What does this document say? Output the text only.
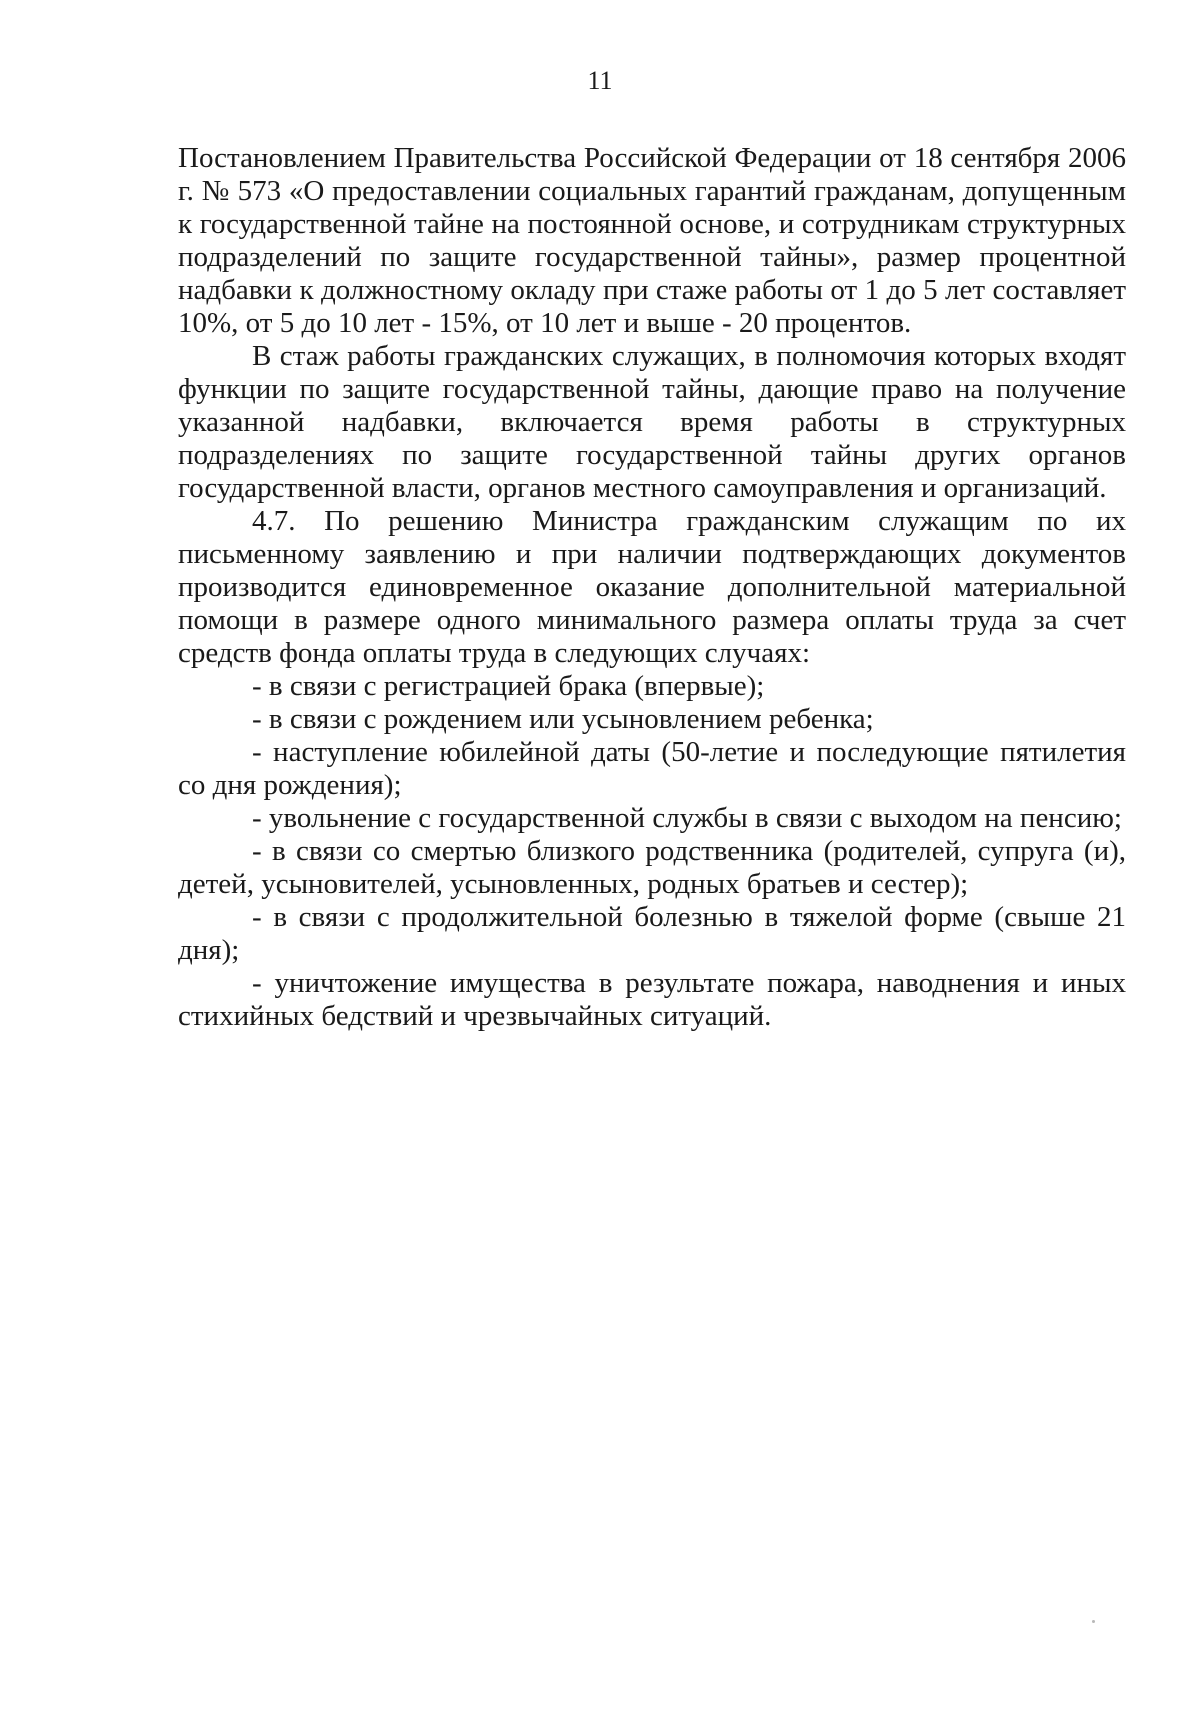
11

Постановлением Правительства Российской Федерации от 18 сентября 2006 г. № 573 «О предоставлении социальных гарантий гражданам, допущенным к государственной тайне на постоянной основе, и сотрудникам структурных подразделений по защите государственной тайны», размер процентной надбавки к должностному окладу при стаже работы от 1 до 5 лет составляет 10%, от 5 до 10 лет - 15%, от 10 лет и выше - 20 процентов.

В стаж работы гражданских служащих, в полномочия которых входят функции по защите государственной тайны, дающие право на получение указанной надбавки, включается время работы в структурных подразделениях по защите государственной тайны других органов государственной власти, органов местного самоуправления и организаций.

4.7. По решению Министра гражданским служащим по их письменному заявлению и при наличии подтверждающих документов производится единовременное оказание дополнительной материальной помощи в размере одного минимального размера оплаты труда за счет средств фонда оплаты труда в следующих случаях:

- в связи с регистрацией брака (впервые);

- в связи с рождением или усыновлением ребенка;

- наступление юбилейной даты (50-летие и последующие пятилетия со дня рождения);

- увольнение с государственной службы в связи с выходом на пенсию;

- в связи со смертью близкого родственника (родителей, супруга (и), детей, усыновителей, усыновленных, родных братьев и сестер);

- в связи с продолжительной болезнью в тяжелой форме (свыше 21 дня);

- уничтожение имущества в результате пожара, наводнения и иных стихийных бедствий и чрезвычайных ситуаций.
